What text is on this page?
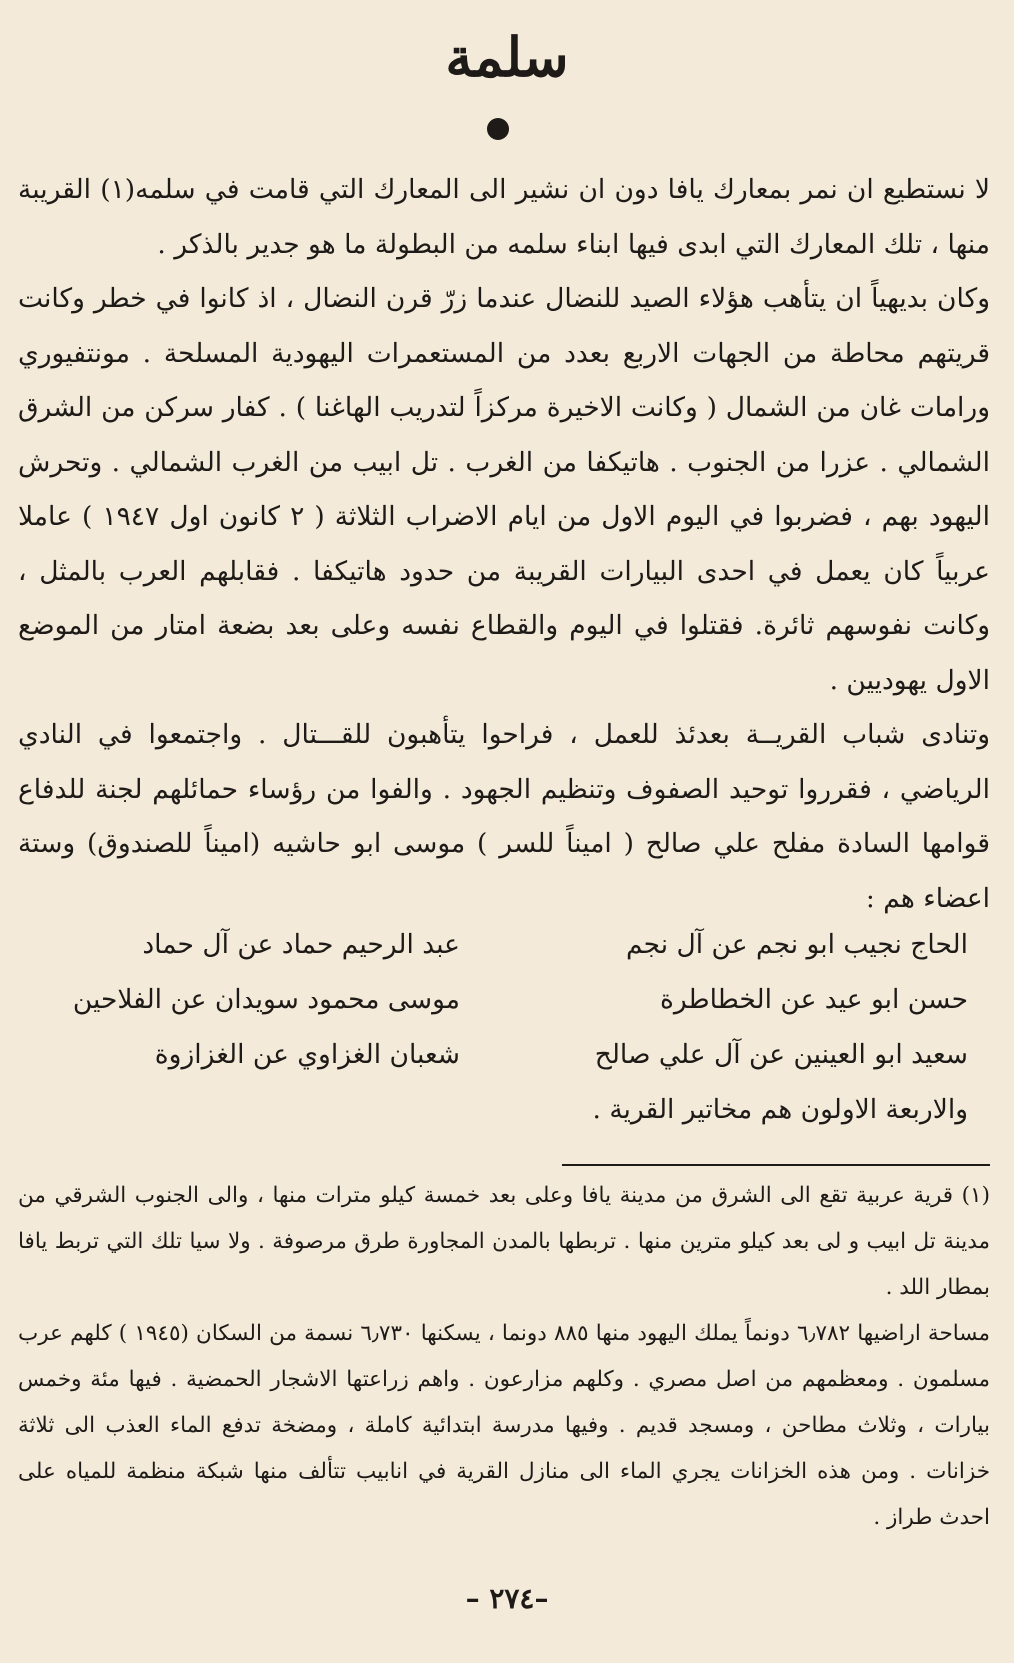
سلمة

لا نستطيع ان نمر بمعارك يافا دون ان نشير الى المعارك التي قامت في سلمه(١) القريبة منها ، تلك المعارك التي ابدى فيها ابناء سلمه من البطولة ما هو جدير بالذكر .

وكان بديهياً ان يتأهب هؤلاء الصيد للنضال عندما زرّ قرن النضال ، اذ كانوا في خطر وكانت قريتهم محاطة من الجهات الاربع بعدد من المستعمرات اليهودية المسلحة . مونتفيوري ورامات غان من الشمال ( وكانت الاخيرة مركزاً لتدريب الهاغنا ) . كفار سركن من الشرق الشمالي . عزرا من الجنوب . هاتيكفا من الغرب . تل ابيب من الغرب الشمالي . وتحرش اليهود بهم ، فضربوا في اليوم الاول من ايام الاضراب الثلاثة ( ٢ كانون اول ١٩٤٧ ) عاملا عربياً كان يعمل في احدى البيارات القريبة من حدود هاتيكفا . فقابلهم العرب بالمثل ، وكانت نفوسهم ثائرة. فقتلوا في اليوم والقطاع نفسه وعلى بعد بضعة امتار من الموضع الاول يهوديين .

وتنادى شباب القريــة بعدئذ للعمل ، فراحوا يتأهبون للقـــتال . واجتمعوا في النادي الرياضي ، فقرروا توحيد الصفوف وتنظيم الجهود . والفوا من رؤساء حمائلهم لجنة للدفاع قوامها السادة مفلح علي صالح ( اميناً للسر ) موسى ابو حاشيه (اميناً للصندوق) وستة اعضاء هم :

الحاج نجيب ابو نجم عن آل نجم
عبد الرحيم حماد عن آل حماد
حسن ابو عيد عن الخطاطرة
موسى محمود سويدان عن الفلاحين
سعيد ابو العينين عن آل علي صالح
شعبان الغزاوي عن الغزازوة
والاربعة الاولون هم مخاتير القرية .

(١) قرية عربية تقع الى الشرق من مدينة يافا وعلى بعد خمسة كيلو مترات منها ، والى الجنوب الشرقي من مدينة تل ابيب و لى بعد كيلو مترين منها . تربطها بالمدن المجاورة طرق مرصوفة . ولا سيا تلك التي تربط يافا بمطار اللد .

مساحة اراضيها ٦٫٧٨٢ دونماً يملك اليهود منها ٨٨٥ دونما ، يسكنها ٦٫٧٣٠ نسمة من السكان (١٩٤٥ ) كلهم عرب مسلمون . ومعظمهم من اصل مصري . وكلهم مزارعون . واهم زراعتها الاشجار الحمضية . فيها مئة وخمس بيارات ، وثلاث مطاحن ، ومسجد قديم . وفيها مدرسة ابتدائية كاملة ، ومضخة تدفع الماء العذب الى ثلاثة خزانات . ومن هذه الخزانات يجري الماء الى منازل القرية في انابيب تتألف منها شبكة منظمة للمياه على احدث طراز .

–٢٧٤ –
